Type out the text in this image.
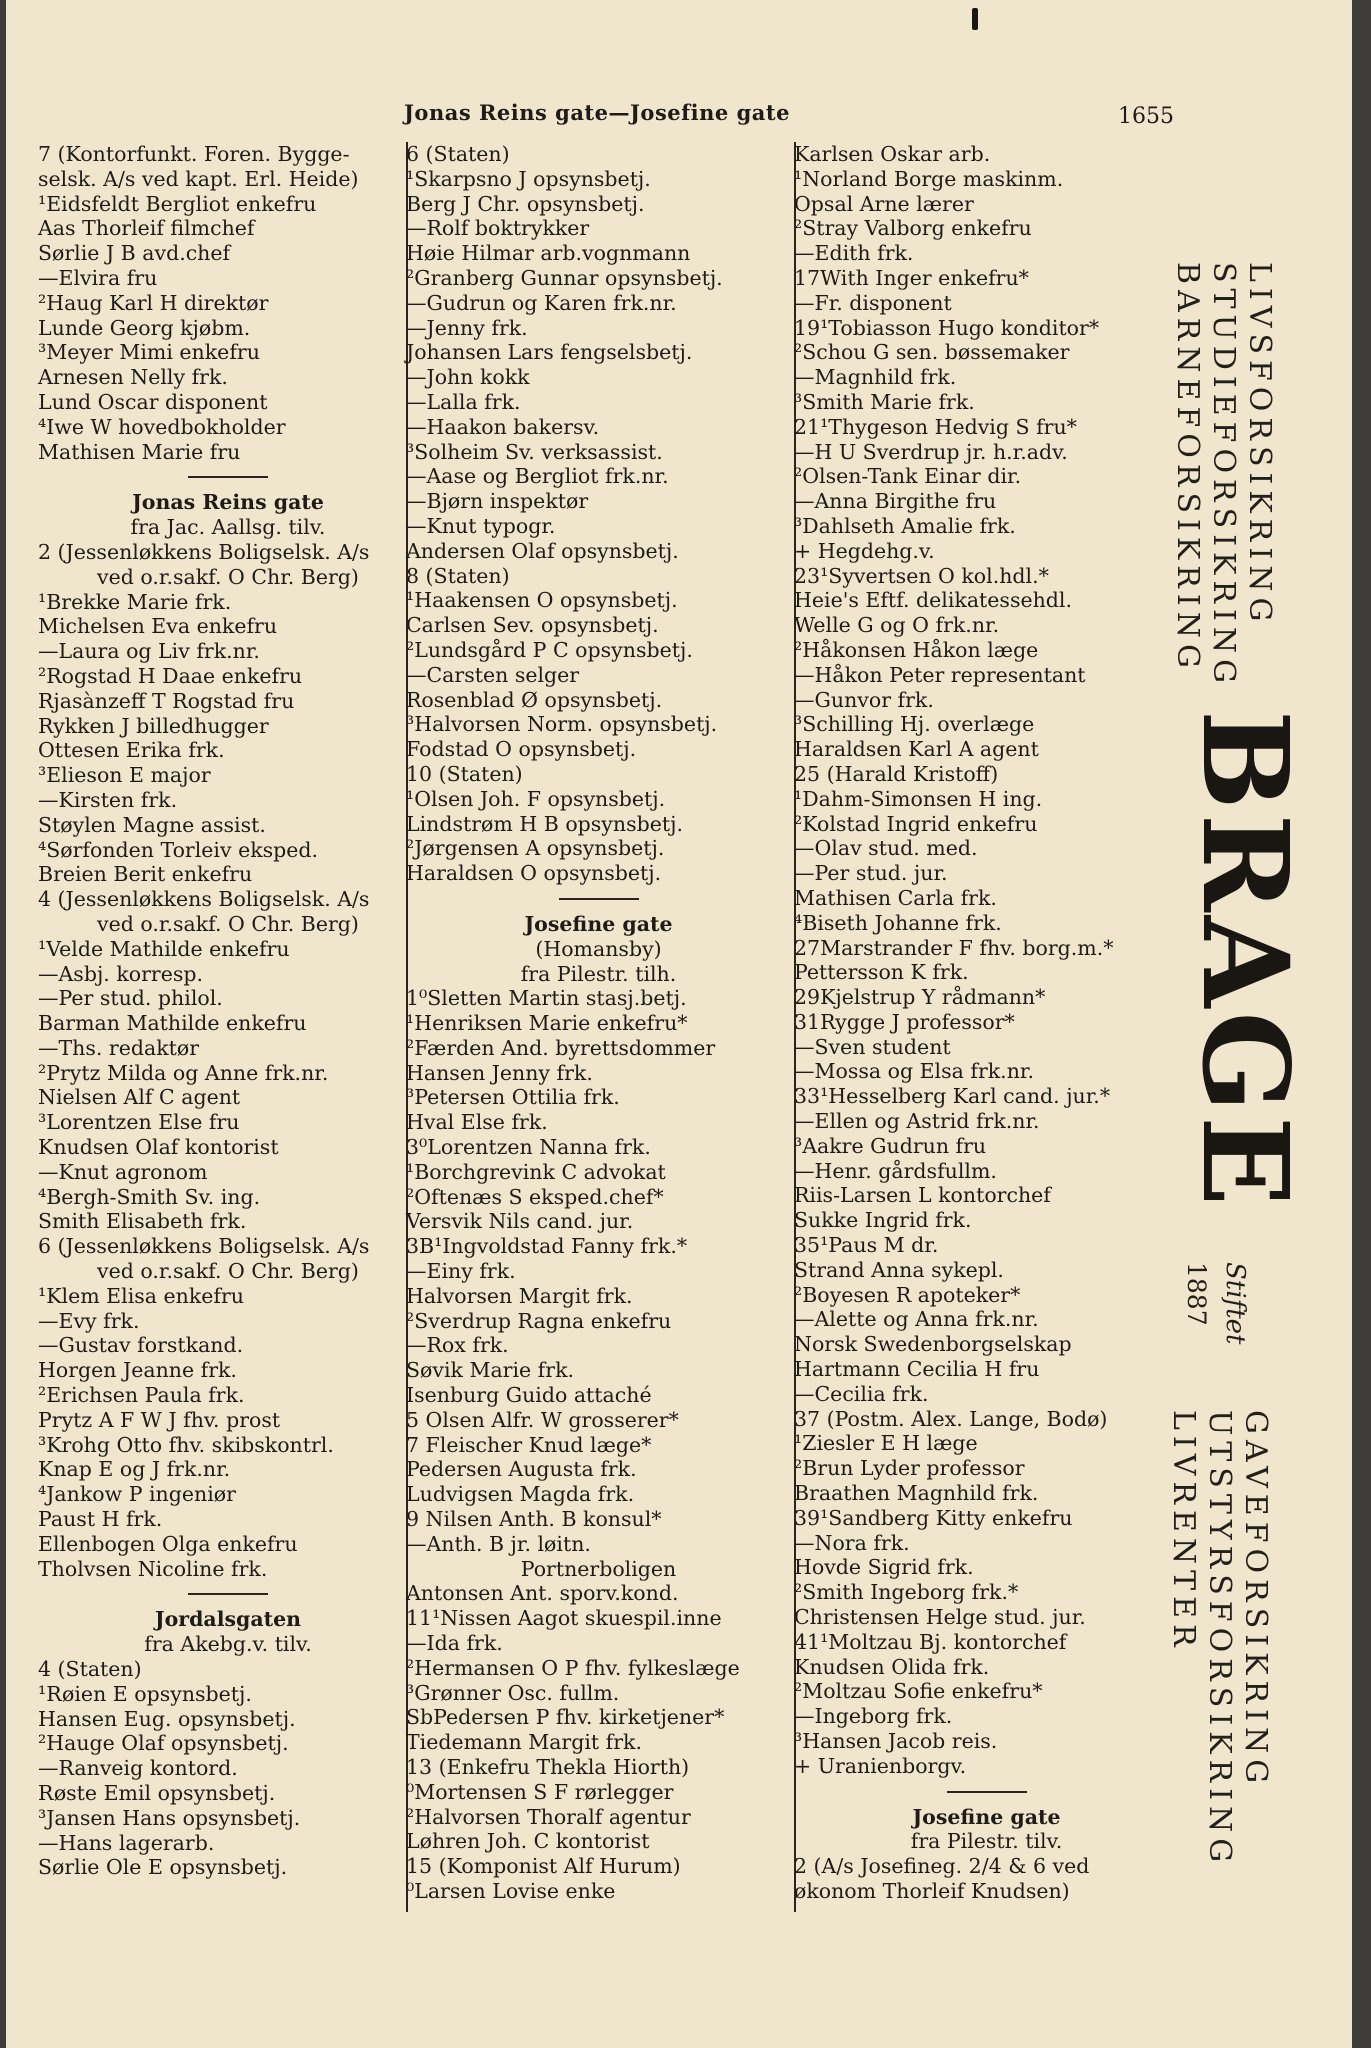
Jonas Reins gate—Josefine gate	1655
7 (Kontorfunkt. Foren. Bygge-
selsk. A/s ved kapt. Erl. Heide)
¹Eidsfeldt Bergliot enkefru
Aas Thorleif filmchef
Sørlie J B avd.chef
—Elvira fru
²Haug Karl H direktør
Lunde Georg kjøbm.
³Meyer Mimi enkefru
Arnesen Nelly frk.
Lund Oscar disponent
⁴Iwe W hovedbokholder
Mathisen Marie fru
Jonas Reins gate
fra Jac. Aallsg. tilv.
2 (Jessenløkkens Boligselsk. A/s
ved o.r.sakf. O Chr. Berg)
¹Brekke Marie frk.
Michelsen Eva enkefru
—Laura og Liv frk.nr.
²Rogstad H Daae enkefru
Rjasànzeff T Rogstad fru
Rykken J billedhugger
Ottesen Erika frk.
³Elieson E major
—Kirsten frk.
Støylen Magne assist.
⁴Sørfonden Torleiv eksped.
Breien Berit enkefru
4 (Jessenløkkens Boligselsk. A/s
ved o.r.sakf. O Chr. Berg)
¹Velde Mathilde enkefru
—Asbj. korresp.
—Per stud. philol.
Barman Mathilde enkefru
—Ths. redaktør
²Prytz Milda og Anne frk.nr.
Nielsen Alf C agent
³Lorentzen Else fru
Knudsen Olaf kontorist
—Knut agronom
⁴Bergh-Smith Sv. ing.
Smith Elisabeth frk.
6 (Jessenløkkens Boligselsk. A/s
ved o.r.sakf. O Chr. Berg)
¹Klem Elisa enkefru
—Evy frk.
—Gustav forstkand.
Horgen Jeanne frk.
²Erichsen Paula frk.
Prytz A F W J fhv. prost
³Krohg Otto fhv. skibskontrl.
Knap E og J frk.nr.
⁴Jankow P ingeniør
Paust H frk.
Ellenbogen Olga enkefru
Tholvsen Nicoline frk.
Jordalsgaten
fra Akebg.v. tilv.
4 (Staten)
¹Røien E opsynsbetj.
Hansen Eug. opsynsbetj.
²Hauge Olaf opsynsbetj.
—Ranveig kontord.
Røste Emil opsynsbetj.
³Jansen Hans opsynsbetj.
—Hans lagerarb.
Sørlie Ole E opsynsbetj.
6 (Staten)
¹Skarpsno J opsynsbetj.
Berg J Chr. opsynsbetj.
—Rolf boktrykker
Høie Hilmar arb.vognmann
²Granberg Gunnar opsynsbetj.
—Gudrun og Karen frk.nr.
—Jenny frk.
Johansen Lars fengselsbetj.
—John kokk
—Lalla frk.
—Haakon bakersv.
³Solheim Sv. verksassist.
—Aase og Bergliot frk.nr.
—Bjørn inspektør
—Knut typogr.
Andersen Olaf opsynsbetj.
8 (Staten)
¹Haakensen O opsynsbetj.
Carlsen Sev. opsynsbetj.
²Lundsgård P C opsynsbetj.
—Carsten selger
Rosenblad Ø opsynsbetj.
³Halvorsen Norm. opsynsbetj.
Fodstad O opsynsbetj.
10 (Staten)
¹Olsen Joh. F opsynsbetj.
Lindstrøm H B opsynsbetj.
²Jørgensen A opsynsbetj.
Haraldsen O opsynsbetj.
Josefine gate
(Homansby)
fra Pilestr. tilh.
1⁰Sletten Martin stasj.betj.
¹Henriksen Marie enkefru*
²Færden And. byrettsdommer
Hansen Jenny frk.
³Petersen Ottilia frk.
Hval Else frk.
3⁰Lorentzen Nanna frk.
¹Borchgrevink C advokat
²Oftenæs S eksped.chef*
Versvik Nils cand. jur.
3B¹Ingvoldstad Fanny frk.*
—Einy frk.
Halvorsen Margit frk.
²Sverdrup Ragna enkefru
—Rox frk.
Søvik Marie frk.
Isenburg Guido attaché
5 Olsen Alfr. W grosserer*
7 Fleischer Knud læge*
Pedersen Augusta frk.
Ludvigsen Magda frk.
9 Nilsen Anth. B konsul*
—Anth. B jr. løitn.
Portnerboligen
Antonsen Ant. sporv.kond.
11¹Nissen Aagot skuespil.inne
—Ida frk.
²Hermansen O P fhv. fylkeslæge
³Grønner Osc. fullm.
SbPedersen P fhv. kirketjener*
Tiedemann Margit frk.
13 (Enkefru Thekla Hiorth)
⁰Mortensen S F rørlegger
²Halvorsen Thoralf agentur
Løhren Joh. C kontorist
15 (Komponist Alf Hurum)
⁰Larsen Lovise enke
Karlsen Oskar arb.
¹Norland Borge maskinm.
Opsal Arne lærer
²Stray Valborg enkefru
—Edith frk.
17With Inger enkefru*
—Fr. disponent
19¹Tobiasson Hugo konditor*
²Schou G sen. bøssemaker
—Magnhild frk.
³Smith Marie frk.
21¹Thygeson Hedvig S fru*
—H U Sverdrup jr. h.r.adv.
²Olsen-Tank Einar dir.
—Anna Birgithe fru
³Dahlseth Amalie frk.
+ Hegdehg.v.
23¹Syvertsen O kol.hdl.*
Heie's Eftf. delikatessehdl.
Welle G og O frk.nr.
²Håkonsen Håkon læge
—Håkon Peter representant
—Gunvor frk.
³Schilling Hj. overlæge
Haraldsen Karl A agent
25 (Harald Kristoff)
¹Dahm-Simonsen H ing.
²Kolstad Ingrid enkefru
—Olav stud. med.
—Per stud. jur.
Mathisen Carla frk.
⁴Biseth Johanne frk.
27Marstrander F fhv. borg.m.*
Pettersson K frk.
29Kjelstrup Y rådmann*
31Rygge J professor*
—Sven student
—Mossa og Elsa frk.nr.
33¹Hesselberg Karl cand. jur.*
—Ellen og Astrid frk.nr.
³Aakre Gudrun fru
—Henr. gårdsfullm.
Riis-Larsen L kontorchef
Sukke Ingrid frk.
35¹Paus M dr.
Strand Anna sykepl.
²Boyesen R apoteker*
—Alette og Anna frk.nr.
Norsk Swedenborgselskap
Hartmann Cecilia H fru
—Cecilia frk.
37 (Postm. Alex. Lange, Bodø)
¹Ziesler E H læge
²Brun Lyder professor
Braathen Magnhild frk.
39¹Sandberg Kitty enkefru
—Nora frk.
Hovde Sigrid frk.
²Smith Ingeborg frk.*
Christensen Helge stud. jur.
41¹Moltzau Bj. kontorchef
Knudsen Olida frk.
²Moltzau Sofie enkefru*
—Ingeborg frk.
³Hansen Jacob reis.
+ Uranienborgv.
Josefine gate
fra Pilestr. tilv.
2 (A/s Josefineg. 2/4 & 6 ved
økonom Thorleif Knudsen)
LIVSFORSIKRING
STUDIEFORSIKRING
BARNEFORSIKRING
BRAGE
Stiftet
1887
GAVEFORSIKRING
UTSTYRSFORSIKRING
LIVRENTER
